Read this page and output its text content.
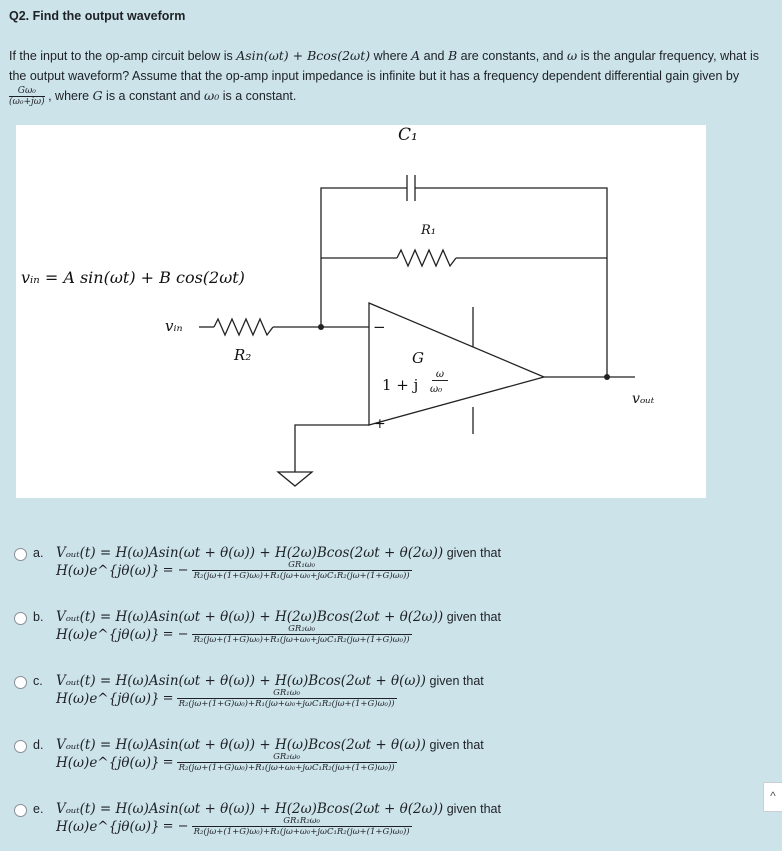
Q2. Find the output waveform

If the input to the op-amp circuit below is Asin(ωt) + Bcos(2ωt) where A and B are constants, and ω is the angular frequency, what is the output waveform? Assume that the op-amp input impedance is infinite but it has a frequency dependent differential gain given by
$\frac{\text{Gω₀}}{\text{(ω₀+jω)}}$ , where G is a constant and ω₀ is a constant.

C₁
R₁
vᵢₙ = A sin(ωt) + B cos(2ωt)
vᵢₙ
R₂
−
+
G
1 + j
ω
ω₀
vₒᵤₜ
a. Vₒᵤₜ(t) = H(ω)Asin(ωt + θ(ω)) + H(2ω)Bcos(2ωt + θ(2ω)) given that
H(ω)e^{jθ(ω)} = − $\frac{\text{GR₁ω₀}}{\text{R₂(jω+(1+G)ω₀)+R₁(jω+ω₀+jωC₁R₂(jω+(1+G)ω₀))}}$
b. Vₒᵤₜ(t) = H(ω)Asin(ωt + θ(ω)) + H(2ω)Bcos(2ωt + θ(2ω)) given that
H(ω)e^{jθ(ω)} = − $\frac{\text{GR₂ω₀}}{\text{R₂(jω+(1+G)ω₀)+R₁(jω+ω₀+jωC₁R₂(jω+(1+G)ω₀))}}$
c. Vₒᵤₜ(t) = H(ω)Asin(ωt + θ(ω)) + H(ω)Bcos(2ωt + θ(ω)) given that
H(ω)e^{jθ(ω)} = $\frac{\text{GR₁ω₀}}{\text{R₂(jω+(1+G)ω₀)+R₁(jω+ω₀+jωC₁R₂(jω+(1+G)ω₀))}}$
d. Vₒᵤₜ(t) = H(ω)Asin(ωt + θ(ω)) + H(ω)Bcos(2ωt + θ(ω)) given that
H(ω)e^{jθ(ω)} = $\frac{\text{GR₂ω₀}}{\text{R₂(jω+(1+G)ω₀)+R₁(jω+ω₀+jωC₁R₂(jω+(1+G)ω₀))}}$
e. Vₒᵤₜ(t) = H(ω)Asin(ωt + θ(ω)) + H(2ω)Bcos(2ωt + θ(2ω)) given that
H(ω)e^{jθ(ω)} = − $\frac{\text{GR₁R₂ω₀}}{\text{R₂(jω+(1+G)ω₀)+R₁(jω+ω₀+jωC₁R₂(jω+(1+G)ω₀))}}$
^
